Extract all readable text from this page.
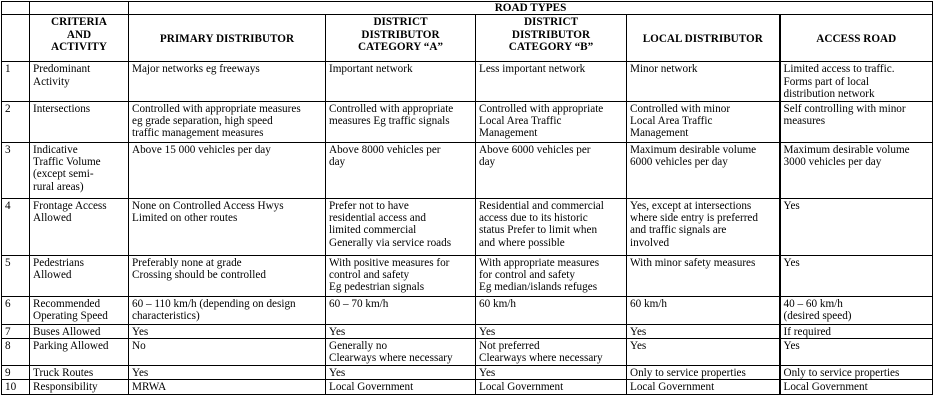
		ROAD TYPES				

	CRITERIA
AND
ACTIVITY	PRIMARY DISTRIBUTOR	DISTRICT
DISTRIBUTOR
CATEGORY “A”	DISTRICT
DISTRIBUTOR
CATEGORY “B”	LOCAL DISTRIBUTOR	ACCESS ROAD

1	Predominant
Activity	Major networks eg freeways	Important network	Less important network	Minor network	Limited access to traffic.
Forms part of local
distribution network

2	Intersections	Controlled with appropriate measures
eg grade separation, high speed
traffic management measures	Controlled with appropriate
measures Eg traffic signals	Controlled with appropriate
Local Area Traffic
Management	Controlled with minor
Local Area Traffic
Management	Self controlling with minor
measures

3	Indicative
Traffic Volume
(except semi-
rural areas)	Above 15 000 vehicles per day	Above 8000 vehicles per
day	Above 6000 vehicles per
day	Maximum desirable volume
6000 vehicles per day	Maximum desirable volume
3000 vehicles per day

4	Frontage Access
Allowed	None on Controlled Access Hwys
Limited on other routes	Prefer not to have
residential access and
limited commercial
Generally via service roads	Residential and commercial
access due to its historic
status Prefer to limit when
and where possible	Yes, except at intersections
where side entry is preferred
and traffic signals are
involved	Yes

5	Pedestrians
Allowed	Preferably none at grade
Crossing should be controlled	With positive measures for
control and safety
Eg pedestrian signals	With appropriate measures
for control and safety
Eg median/islands refuges	With minor safety measures	Yes

6	Recommended
Operating Speed	60 – 110 km/h (depending on design
characteristics)	60 – 70 km/h	60 km/h	60 km/h	40 – 60 km/h
(desired speed)

7	Buses Allowed	Yes	Yes	Yes	Yes	If required

8	Parking Allowed	No	Generally no
Clearways where necessary	Not preferred
Clearways where necessary	Yes	Yes

9	Truck Routes	Yes	Yes	Yes	Only to service properties	Only to service properties

10	Responsibility	MRWA	Local Government	Local Government	Local Government	Local Government
